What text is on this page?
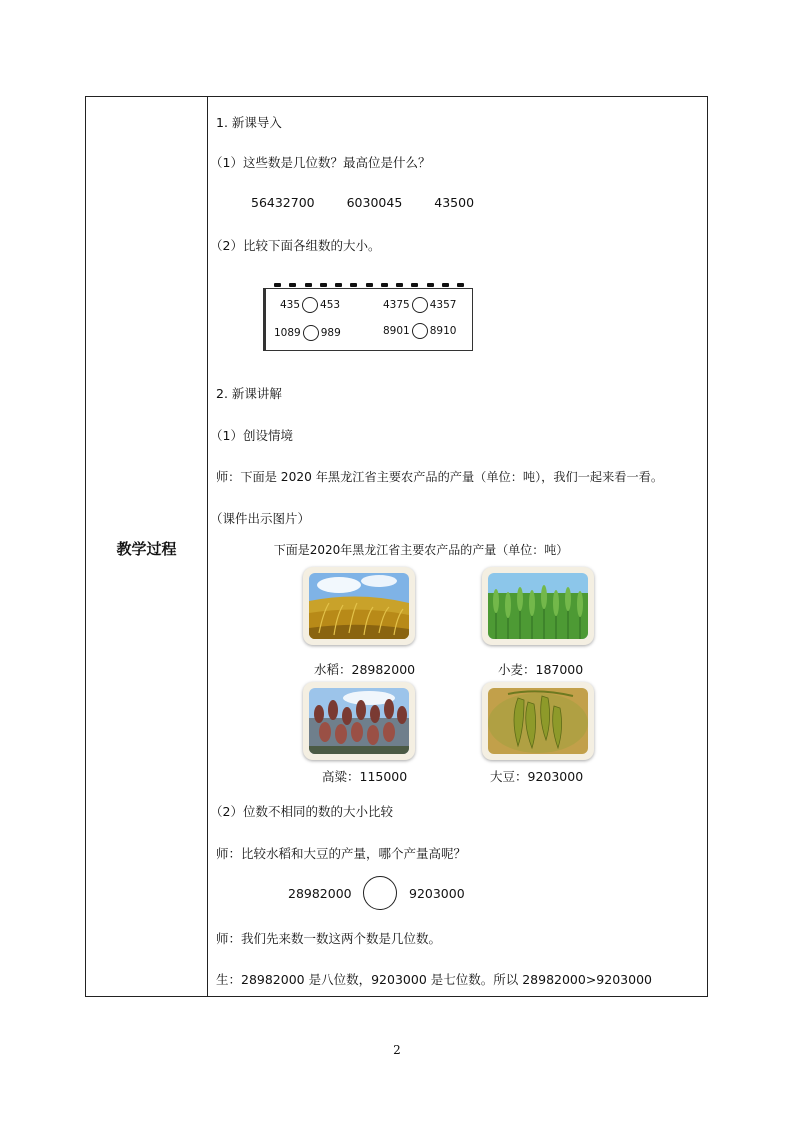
教学过程
1. 新课导入
（1）这些数是几位数？最高位是什么？
56432700	6030045	43500
（2）比较下面各组数的大小。
435 453	4375 4357
1089 989	8901 8910
2. 新课讲解
（1）创设情境
师：下面是 2020 年黑龙江省主要农产品的产量（单位：吨），我们一起来看一看。
（课件出示图片）
下面是2020年黑龙江省主要农产品的产量（单位：吨）
水稻：28982000	小麦：187000
高粱：115000	大豆：9203000
（2）位数不相同的数的大小比较
师：比较水稻和大豆的产量，哪个产量高呢？
28982000	9203000
师：我们先来数一数这两个数是几位数。
生：28982000 是八位数，9203000 是七位数。所以 28982000>9203000
2
